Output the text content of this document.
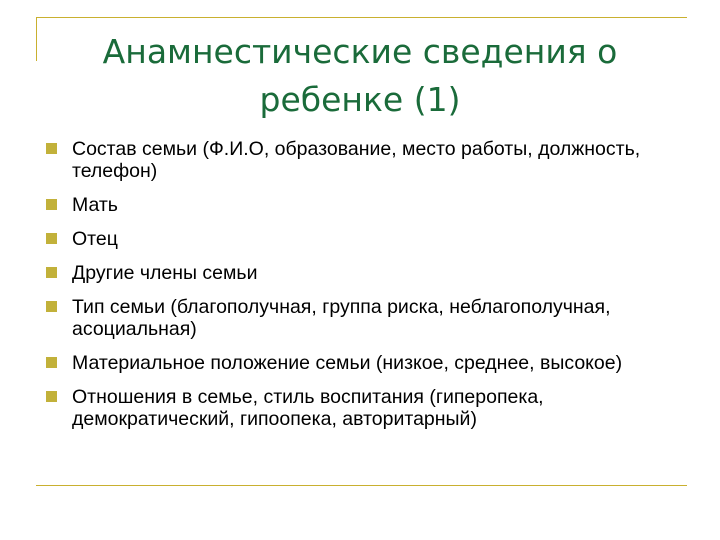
Анамнестические сведения о ребенке (1)
Состав семьи (Ф.И.О, образование, место работы, должность, телефон)
Мать
Отец
Другие члены семьи
Тип семьи (благополучная, группа риска, неблагополучная, асоциальная)
Материальное положение семьи (низкое, среднее, высокое)
Отношения в семье, стиль воспитания (гиперопека, демократический, гипоопека, авторитарный)
